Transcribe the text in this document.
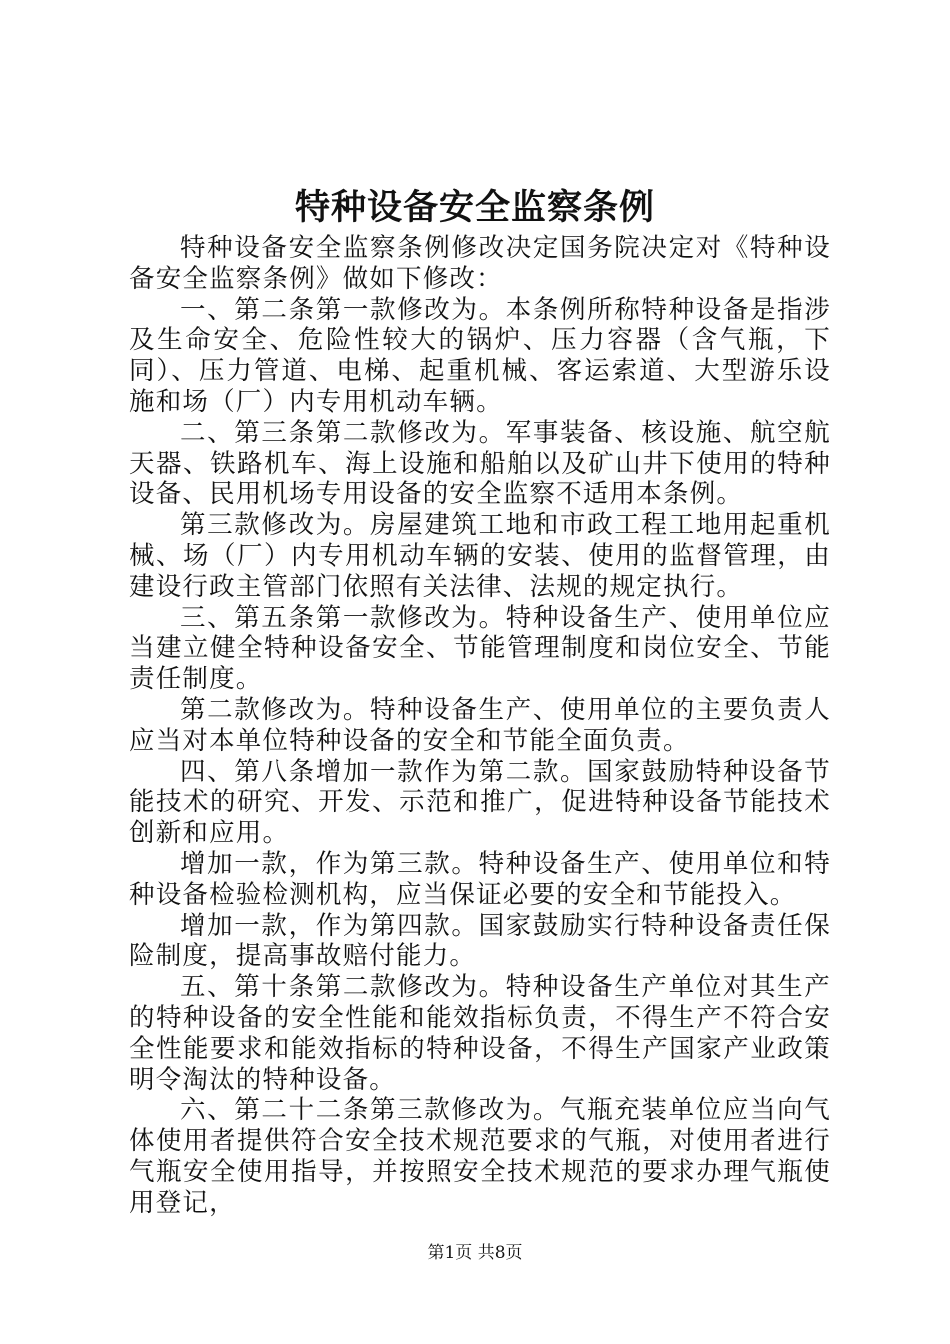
特种设备安全监察条例

特种设备安全监察条例修改决定国务院决定对《特种设备安全监察条例》做如下修改：

一、第二条第一款修改为。本条例所称特种设备是指涉及生命安全、危险性较大的锅炉、压力容器（含气瓶，下同）、压力管道、电梯、起重机械、客运索道、大型游乐设施和场（厂）内专用机动车辆。

二、第三条第二款修改为。军事装备、核设施、航空航天器、铁路机车、海上设施和船舶以及矿山井下使用的特种设备、民用机场专用设备的安全监察不适用本条例。

第三款修改为。房屋建筑工地和市政工程工地用起重机械、场（厂）内专用机动车辆的安装、使用的监督管理，由建设行政主管部门依照有关法律、法规的规定执行。

三、第五条第一款修改为。特种设备生产、使用单位应当建立健全特种设备安全、节能管理制度和岗位安全、节能责任制度。

第二款修改为。特种设备生产、使用单位的主要负责人应当对本单位特种设备的安全和节能全面负责。

四、第八条增加一款作为第二款。国家鼓励特种设备节能技术的研究、开发、示范和推广，促进特种设备节能技术创新和应用。

增加一款，作为第三款。特种设备生产、使用单位和特种设备检验检测机构，应当保证必要的安全和节能投入。

增加一款，作为第四款。国家鼓励实行特种设备责任保险制度，提高事故赔付能力。

五、第十条第二款修改为。特种设备生产单位对其生产的特种设备的安全性能和能效指标负责，不得生产不符合安全性能要求和能效指标的特种设备，不得生产国家产业政策明令淘汰的特种设备。

六、第二十二条第三款修改为。气瓶充装单位应当向气体使用者提供符合安全技术规范要求的气瓶，对使用者进行气瓶安全使用指导，并按照安全技术规范的要求办理气瓶使用登记，

第1页 共8页
